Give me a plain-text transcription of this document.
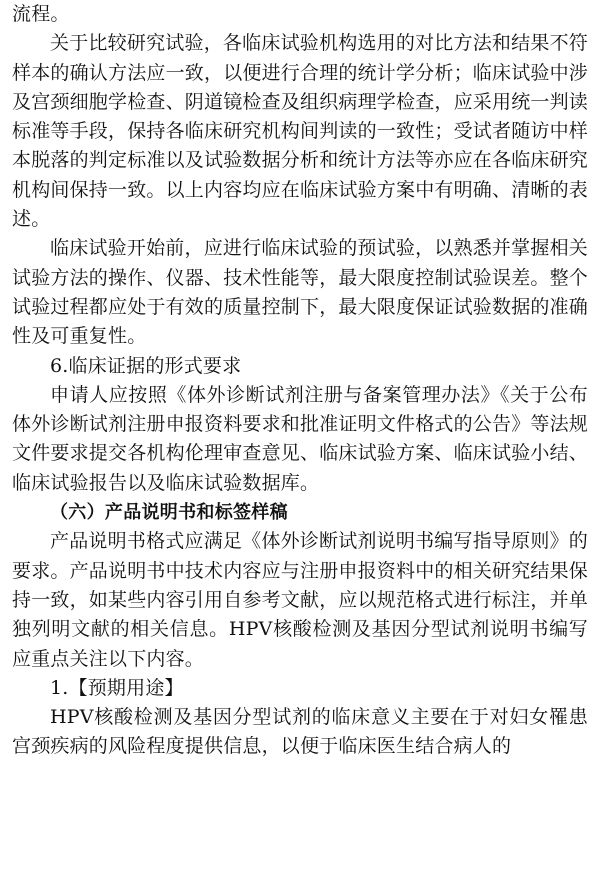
流程。

关于比较研究试验，各临床试验机构选用的对比方法和结果不符样本的确认方法应一致，以便进行合理的统计学分析；临床试验中涉及宫颈细胞学检查、阴道镜检查及组织病理学检查，应采用统一判读标准等手段，保持各临床研究机构间判读的一致性；受试者随访中样本脱落的判定标准以及试验数据分析和统计方法等亦应在各临床研究机构间保持一致。以上内容均应在临床试验方案中有明确、清晰的表述。

临床试验开始前，应进行临床试验的预试验，以熟悉并掌握相关试验方法的操作、仪器、技术性能等，最大限度控制试验误差。整个试验过程都应处于有效的质量控制下，最大限度保证试验数据的准确性及可重复性。

6.临床证据的形式要求

申请人应按照《体外诊断试剂注册与备案管理办法》《关于公布体外诊断试剂注册申报资料要求和批准证明文件格式的公告》等法规文件要求提交各机构伦理审查意见、临床试验方案、临床试验小结、临床试验报告以及临床试验数据库。

（六）产品说明书和标签样稿

产品说明书格式应满足《体外诊断试剂说明书编写指导原则》的要求。产品说明书中技术内容应与注册申报资料中的相关研究结果保持一致，如某些内容引用自参考文献，应以规范格式进行标注，并单独列明文献的相关信息。HPV核酸检测及基因分型试剂说明书编写应重点关注以下内容。

1.【预期用途】

HPV核酸检测及基因分型试剂的临床意义主要在于对妇女罹患宫颈疾病的风险程度提供信息，以便于临床医生结合病人的
